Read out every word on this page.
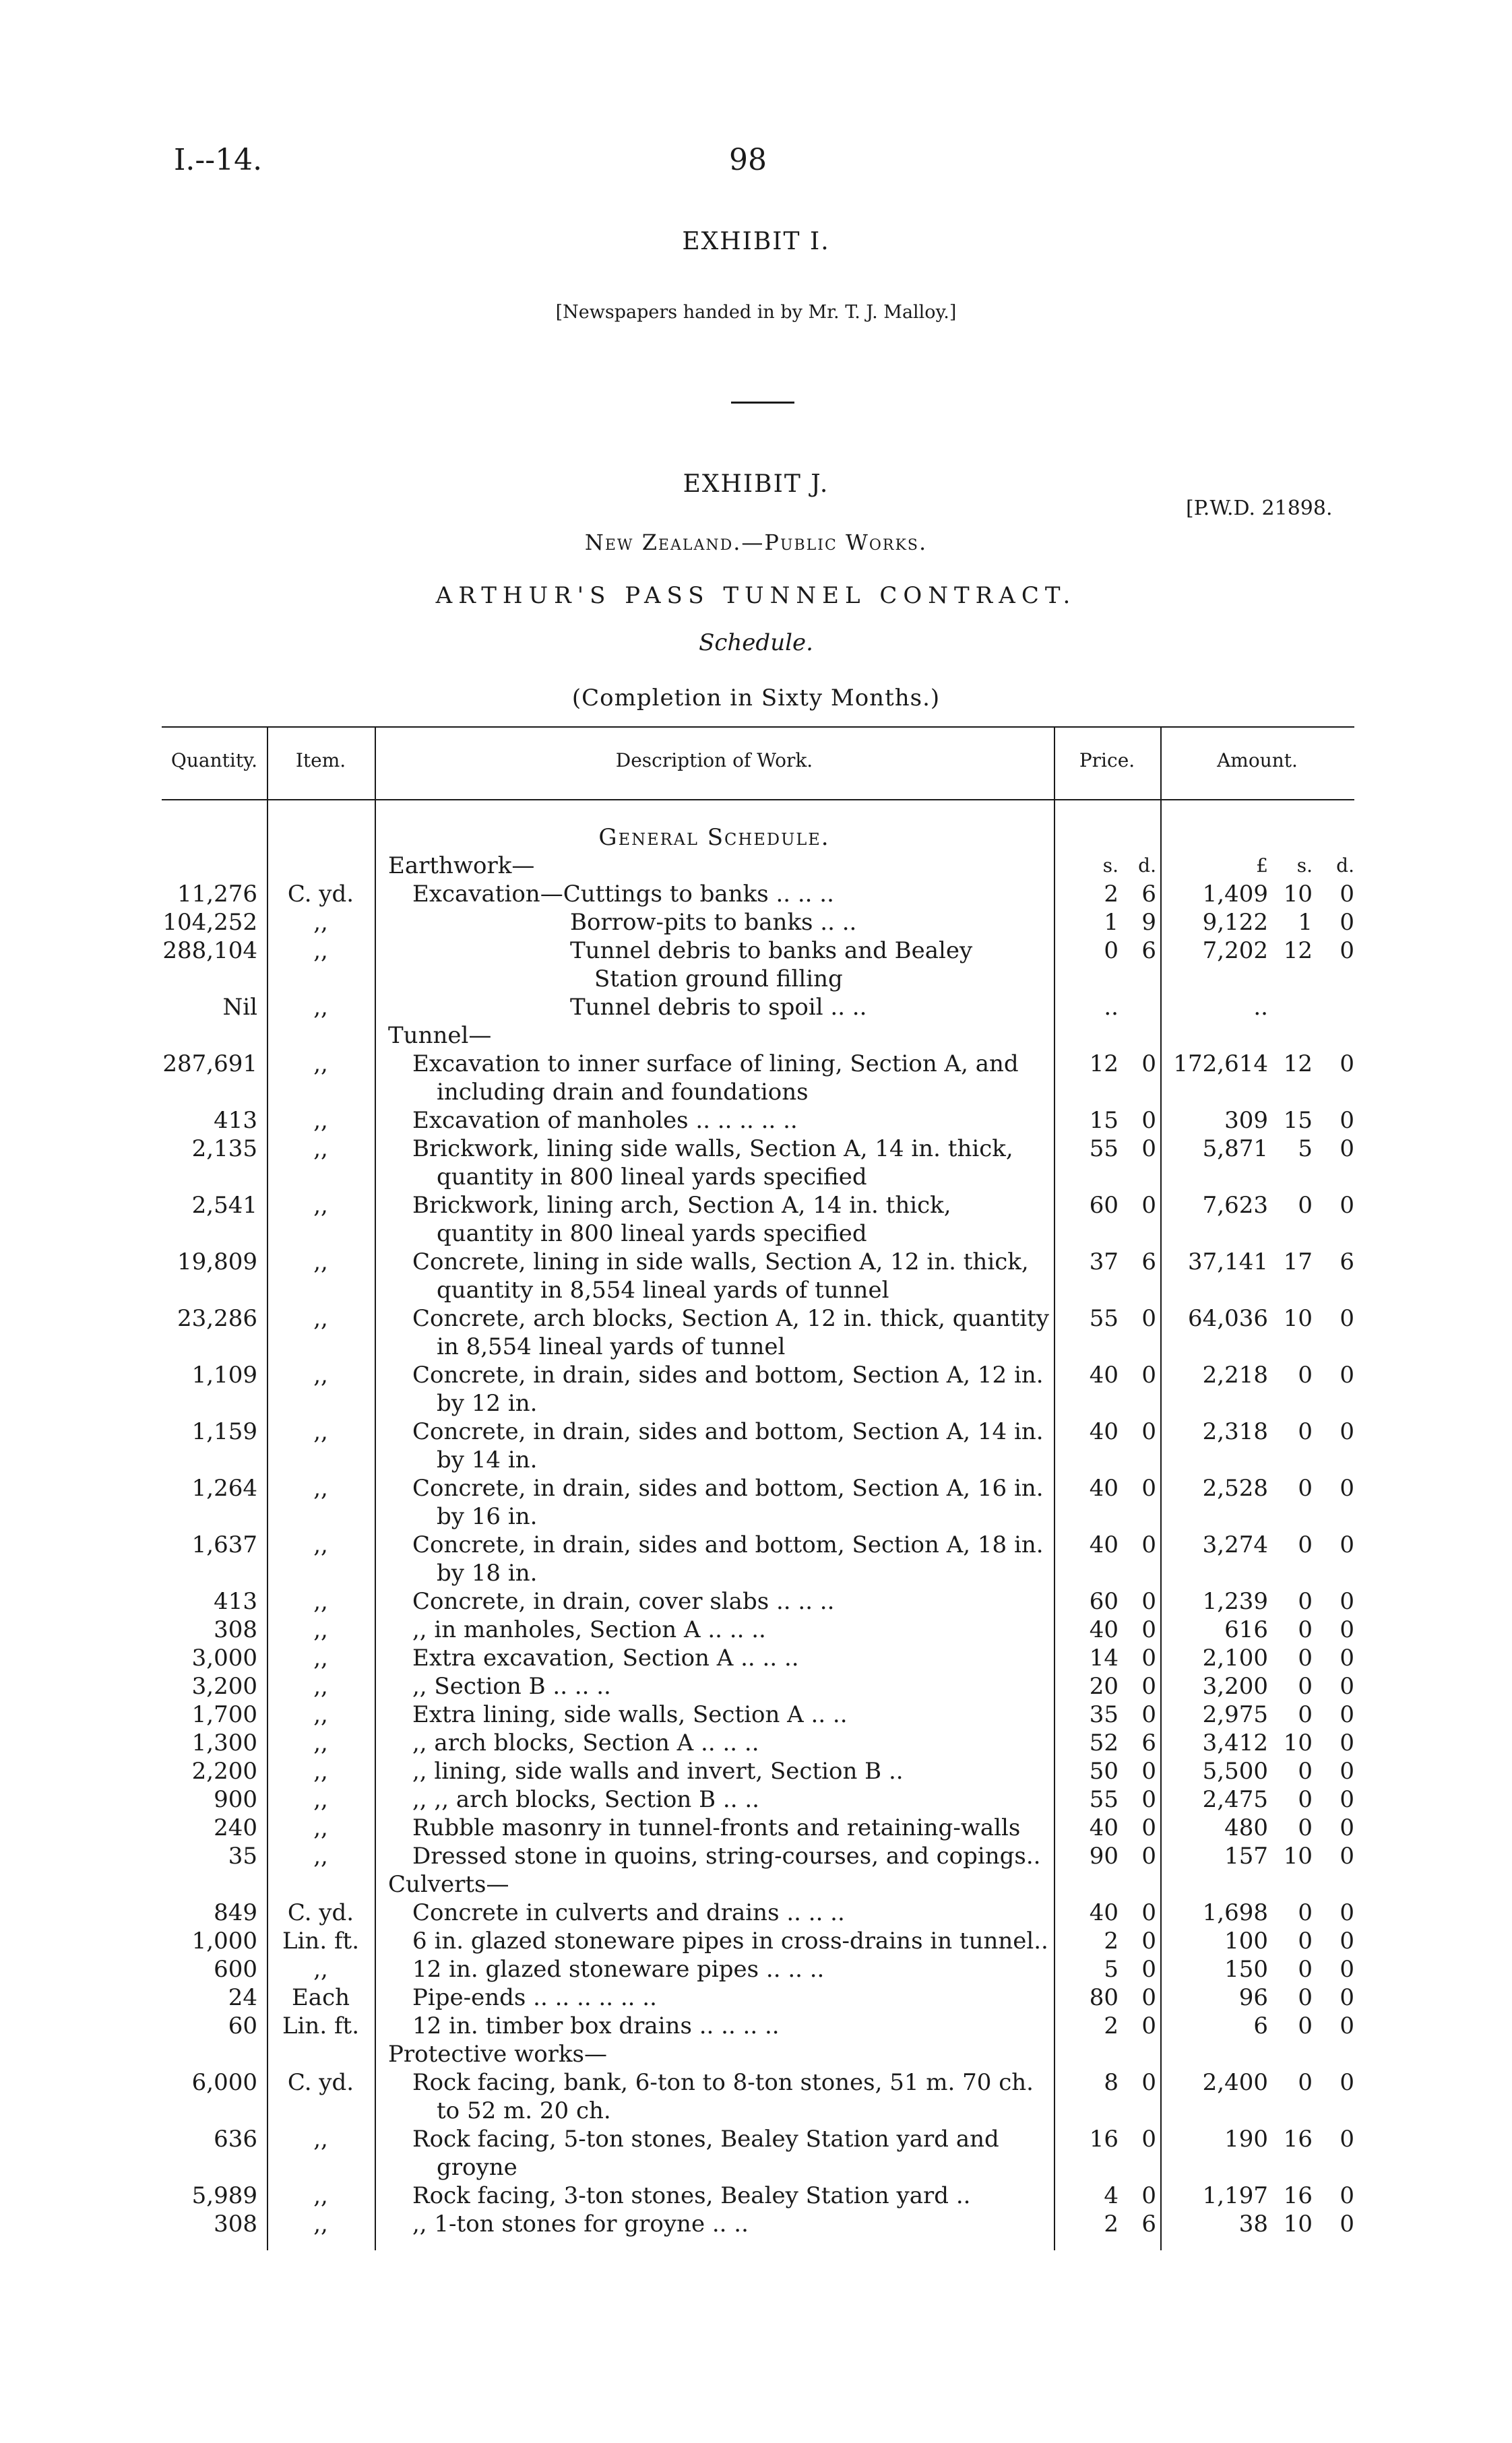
I.--14.	98
EXHIBIT I.
[Newspapers handed in by Mr. T. J. Malloy.]
EXHIBIT J.
[P.W.D. 21898.
New Zealand.—Public Works.
ARTHUR'S PASS TUNNEL CONTRACT.
Schedule.
(Completion in Sixty Months.)
Quantity.	Item.	Description of Work.	Price.	Amount.
		General Schedule.					
		Earthwork—	s.	d.	£	s.	d.
11,276	C. yd.	Excavation—Cuttings to banks .. .. ..	2	6	1,409	10	0
104,252	,,	Borrow-pits to banks .. ..	1	9	9,122	1	0
288,104	,,	Tunnel debris to banks and Bealey Station ground filling	0	6	7,202	12	0
Nil	,,	Tunnel debris to spoil .. ..	..		..		
		Tunnel—					
287,691	,,	Excavation to inner surface of lining, Section A, and including drain and foundations	12	0	172,614	12	0
413	,,	Excavation of manholes .. .. .. .. ..	15	0	309	15	0
2,135	,,	Brickwork, lining side walls, Section A, 14 in. thick, quantity in 800 lineal yards specified	55	0	5,871	5	0
2,541	,,	Brickwork, lining arch, Section A, 14 in. thick, quantity in 800 lineal yards specified	60	0	7,623	0	0
19,809	,,	Concrete, lining in side walls, Section A, 12 in. thick, quantity in 8,554 lineal yards of tunnel	37	6	37,141	17	6
23,286	,,	Concrete, arch blocks, Section A, 12 in. thick, quantity in 8,554 lineal yards of tunnel	55	0	64,036	10	0
1,109	,,	Concrete, in drain, sides and bottom, Section A, 12 in. by 12 in.	40	0	2,218	0	0
1,159	,,	Concrete, in drain, sides and bottom, Section A, 14 in. by 14 in.	40	0	2,318	0	0
1,264	,,	Concrete, in drain, sides and bottom, Section A, 16 in. by 16 in.	40	0	2,528	0	0
1,637	,,	Concrete, in drain, sides and bottom, Section A, 18 in. by 18 in.	40	0	3,274	0	0
413	,,	Concrete, in drain, cover slabs .. .. ..	60	0	1,239	0	0
308	,,	,, in manholes, Section A .. .. ..	40	0	616	0	0
3,000	,,	Extra excavation, Section A .. .. ..	14	0	2,100	0	0
3,200	,,	,, Section B .. .. ..	20	0	3,200	0	0
1,700	,,	Extra lining, side walls, Section A .. ..	35	0	2,975	0	0
1,300	,,	,, arch blocks, Section A .. .. ..	52	6	3,412	10	0
2,200	,,	,, lining, side walls and invert, Section B ..	50	0	5,500	0	0
900	,,	,, ,, arch blocks, Section B .. ..	55	0	2,475	0	0
240	,,	Rubble masonry in tunnel-fronts and retaining-walls	40	0	480	0	0
35	,,	Dressed stone in quoins, string-courses, and copings..	90	0	157	10	0
		Culverts—					
849	C. yd.	Concrete in culverts and drains .. .. ..	40	0	1,698	0	0
1,000	Lin. ft.	6 in. glazed stoneware pipes in cross-drains in tunnel..	2	0	100	0	0
600	,,	12 in. glazed stoneware pipes .. .. ..	5	0	150	0	0
24	Each	Pipe-ends .. .. .. .. .. ..	80	0	96	0	0
60	Lin. ft.	12 in. timber box drains .. .. .. ..	2	0	6	0	0
		Protective works—					
6,000	C. yd.	Rock facing, bank, 6-ton to 8-ton stones, 51 m. 70 ch. to 52 m. 20 ch.	8	0	2,400	0	0
636	,,	Rock facing, 5-ton stones, Bealey Station yard and groyne	16	0	190	16	0
5,989	,,	Rock facing, 3-ton stones, Bealey Station yard ..	4	0	1,197	16	0
308	,,	,, 1-ton stones for groyne .. ..	2	6	38	10	0
